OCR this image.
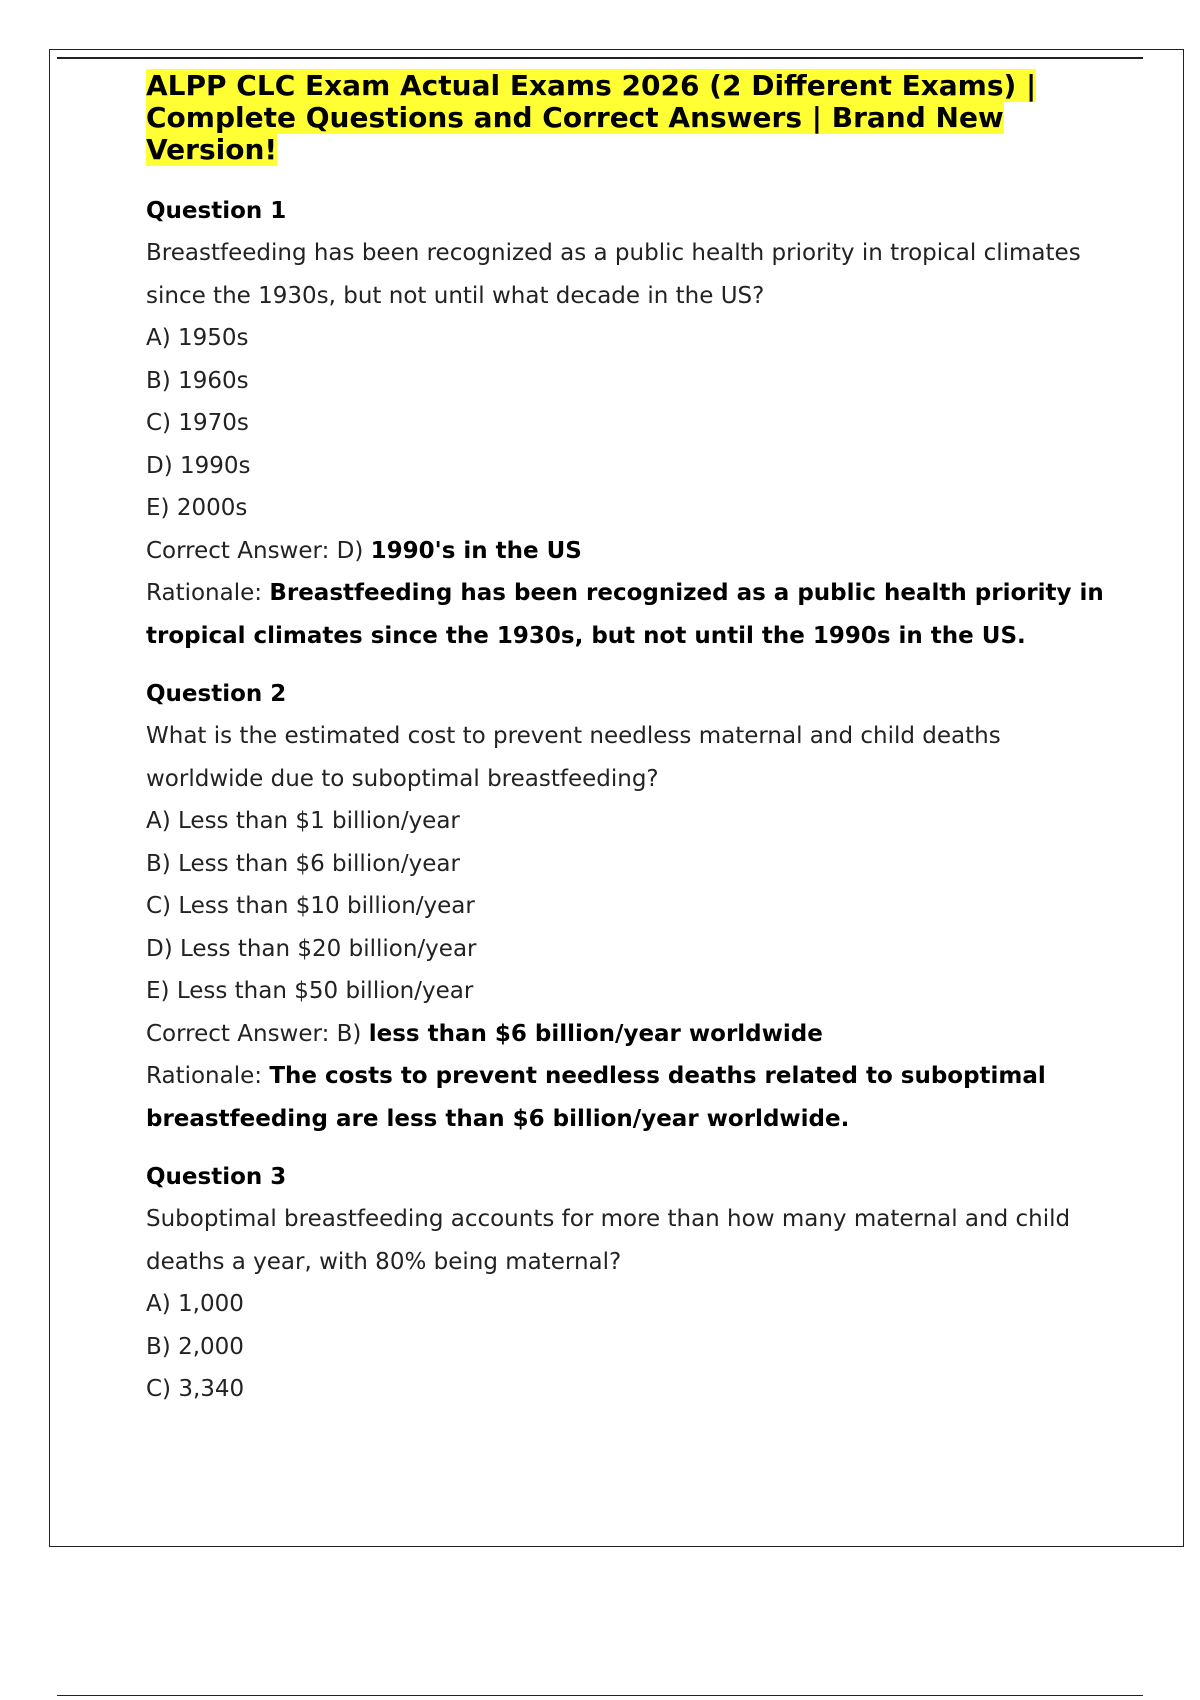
ALPP CLC Exam Actual Exams 2026 (2 Different Exams) | Complete Questions and Correct Answers | Brand New Version!

Question 1

Breastfeeding has been recognized as a public health priority in tropical climates since the 1930s, but not until what decade in the US?

A) 1950s

B) 1960s

C) 1970s

D) 1990s

E) 2000s

Correct Answer: D) 1990's in the US

Rationale: Breastfeeding has been recognized as a public health priority in tropical climates since the 1930s, but not until the 1990s in the US.

Question 2

What is the estimated cost to prevent needless maternal and child deaths worldwide due to suboptimal breastfeeding?

A) Less than $1 billion/year

B) Less than $6 billion/year

C) Less than $10 billion/year

D) Less than $20 billion/year

E) Less than $50 billion/year

Correct Answer: B) less than $6 billion/year worldwide

Rationale: The costs to prevent needless deaths related to suboptimal breastfeeding are less than $6 billion/year worldwide.

Question 3

Suboptimal breastfeeding accounts for more than how many maternal and child deaths a year, with 80% being maternal?

A) 1,000

B) 2,000

C) 3,340
